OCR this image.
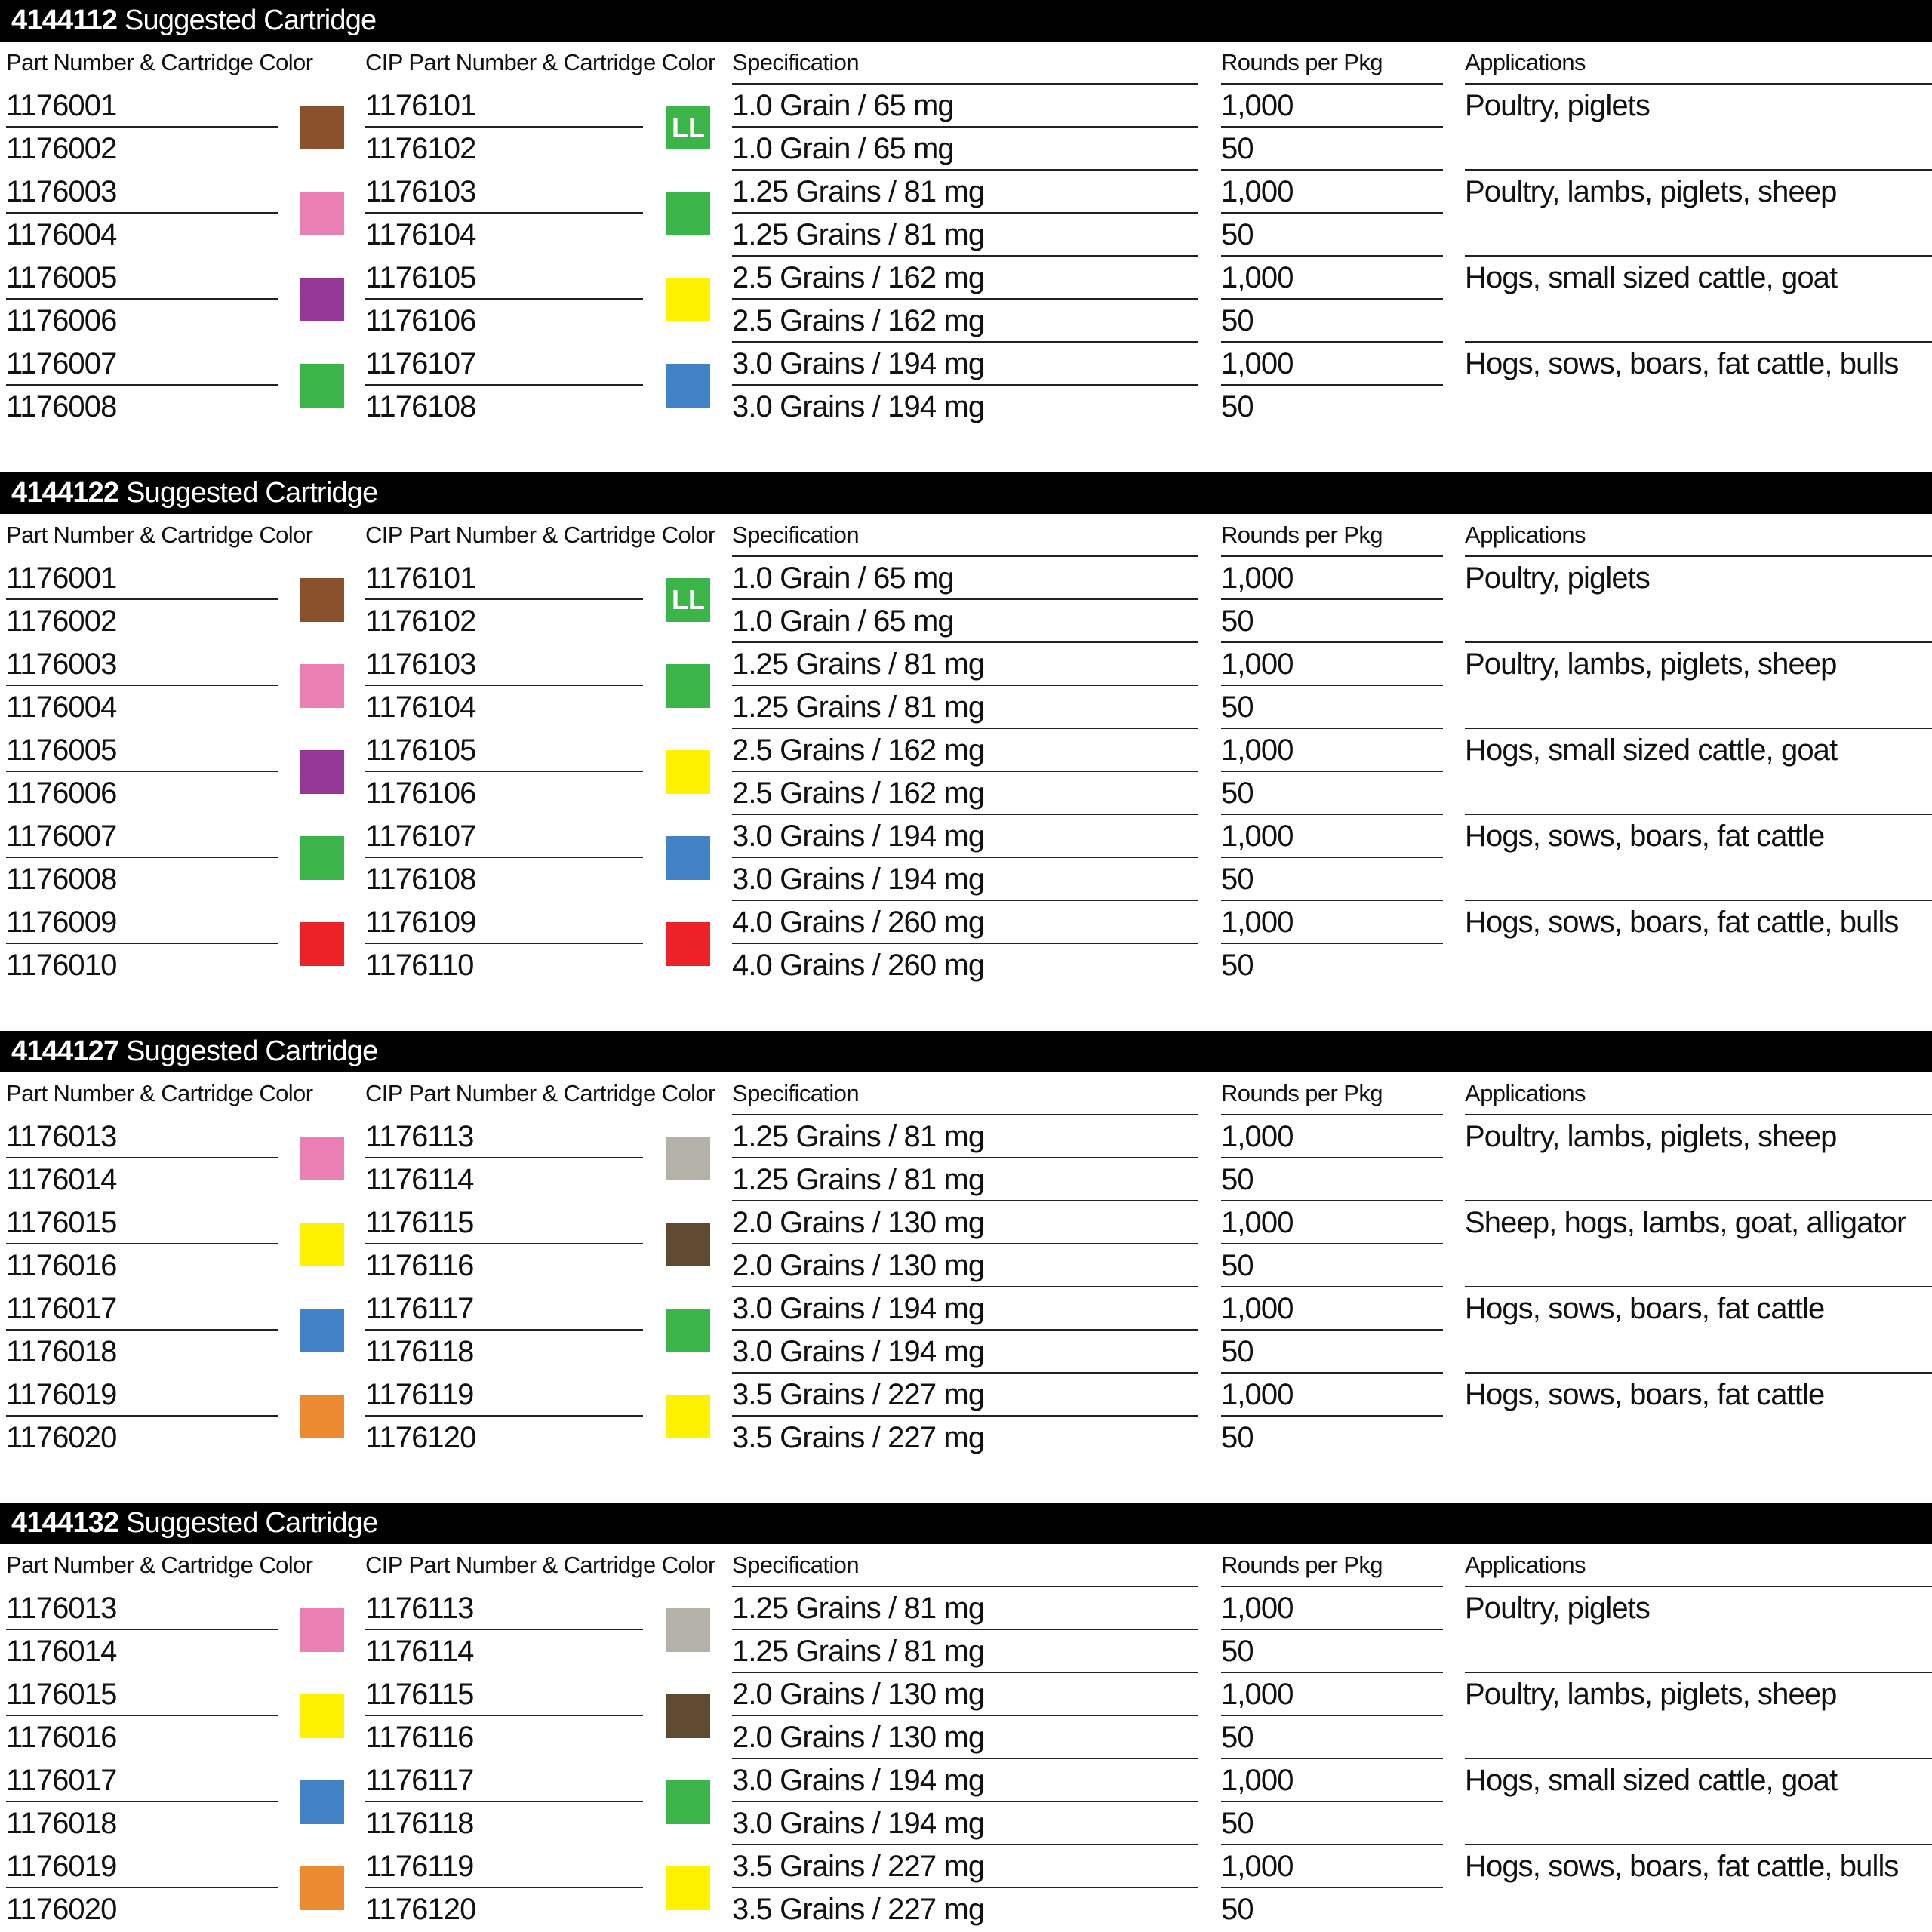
4144112 Suggested Cartridge
Part Number & Cartridge Color CIP Part Number & Cartridge Color Specification	Rounds per Pkg	Applications
1176001	1176101	1.0 Grain / 65 mg	1,000
1176002	1176102	1.0 Grain / 65 mg	50
Poultry, piglets
LL
1176003	1176103	1.25 Grains / 81 mg	1,000
1176004	1176104	1.25 Grains / 81 mg	50
Poultry, lambs, piglets, sheep
1176005	1176105	2.5 Grains / 162 mg	1,000
1176006	1176106	2.5 Grains / 162 mg	50
Hogs, small sized cattle, goat
1176007	1176107	3.0 Grains / 194 mg	1,000
1176008	1176108	3.0 Grains / 194 mg	50
Hogs, sows, boars, fat cattle, bulls
4144122 Suggested Cartridge
Part Number & Cartridge Color CIP Part Number & Cartridge Color Specification	Rounds per Pkg	Applications
1176001	1176101	1.0 Grain / 65 mg	1,000
1176002	1176102	1.0 Grain / 65 mg	50
Poultry, piglets
LL
1176003	1176103	1.25 Grains / 81 mg	1,000
1176004	1176104	1.25 Grains / 81 mg	50
Poultry, lambs, piglets, sheep
1176005	1176105	2.5 Grains / 162 mg	1,000
1176006	1176106	2.5 Grains / 162 mg	50
Hogs, small sized cattle, goat
1176007	1176107	3.0 Grains / 194 mg	1,000
1176008	1176108	3.0 Grains / 194 mg	50
Hogs, sows, boars, fat cattle
1176009	1176109	4.0 Grains / 260 mg	1,000
1176010	1176110	4.0 Grains / 260 mg	50
Hogs, sows, boars, fat cattle, bulls
4144127 Suggested Cartridge
Part Number & Cartridge Color CIP Part Number & Cartridge Color Specification	Rounds per Pkg	Applications
1176013	1176113	1.25 Grains / 81 mg	1,000
1176014	1176114	1.25 Grains / 81 mg	50
Poultry, lambs, piglets, sheep
1176015	1176115	2.0 Grains / 130 mg	1,000
1176016	1176116	2.0 Grains / 130 mg	50
Sheep, hogs, lambs, goat, alligator
1176017	1176117	3.0 Grains / 194 mg	1,000
1176018	1176118	3.0 Grains / 194 mg	50
Hogs, sows, boars, fat cattle
1176019	1176119	3.5 Grains / 227 mg	1,000
1176020	1176120	3.5 Grains / 227 mg	50
Hogs, sows, boars, fat cattle
4144132 Suggested Cartridge
Part Number & Cartridge Color CIP Part Number & Cartridge Color Specification	Rounds per Pkg	Applications
1176013	1176113	1.25 Grains / 81 mg	1,000
1176014	1176114	1.25 Grains / 81 mg	50
Poultry, piglets
1176015	1176115	2.0 Grains / 130 mg	1,000
1176016	1176116	2.0 Grains / 130 mg	50
Poultry, lambs, piglets, sheep
1176017	1176117	3.0 Grains / 194 mg	1,000
1176018	1176118	3.0 Grains / 194 mg	50
Hogs, small sized cattle, goat
1176019	1176119	3.5 Grains / 227 mg	1,000
1176020	1176120	3.5 Grains / 227 mg	50
Hogs, sows, boars, fat cattle, bulls
